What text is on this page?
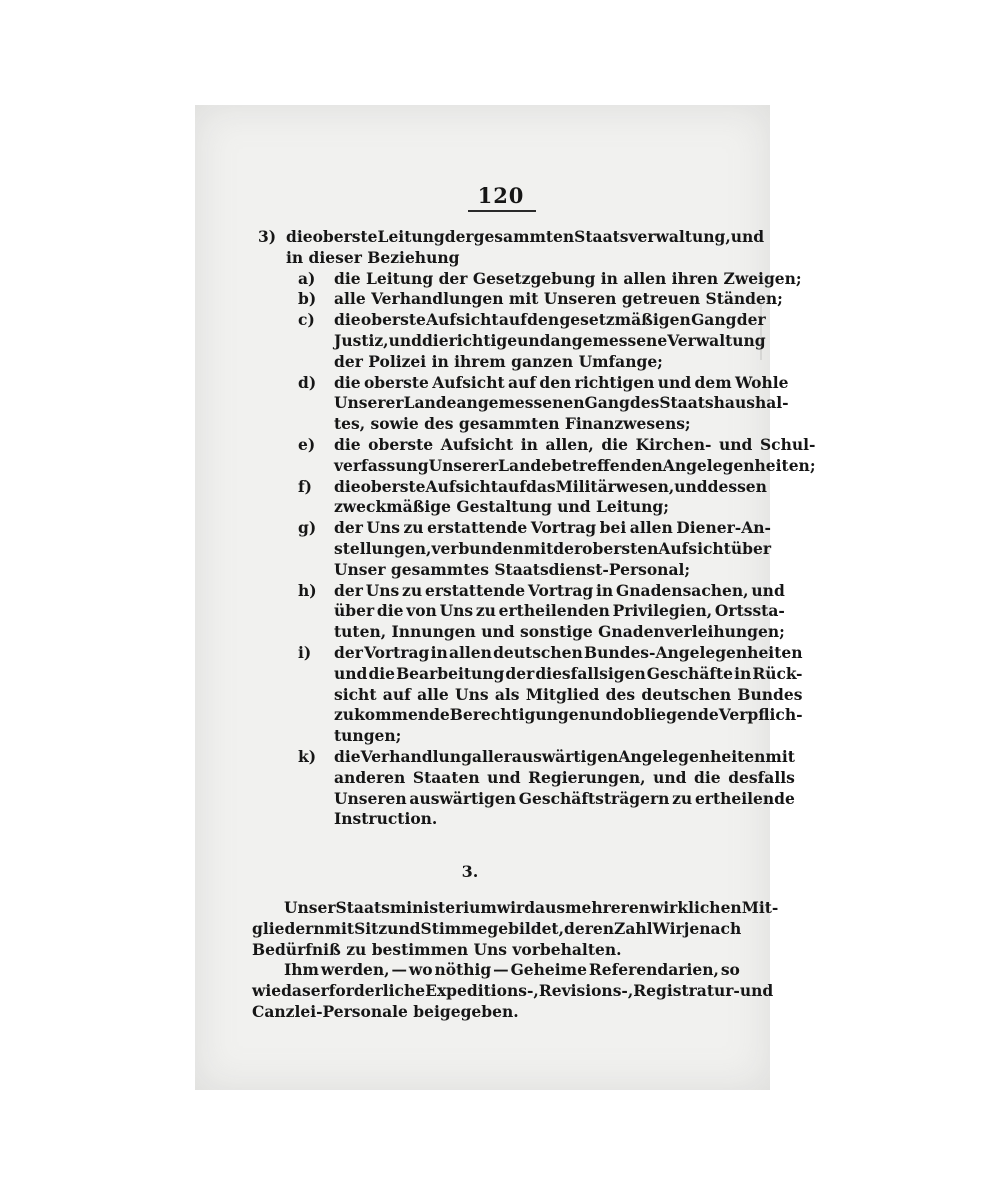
120
3) die oberste Leitung der gesammten Staatsverwaltung, und
in dieser Beziehung
a)	die Leitung der Gesetzgebung in allen ihren Zweigen;
b)	alle Verhandlungen mit Unseren getreuen Ständen;
c)	die oberste Aufsicht auf den gesetzmäßigen Gang der
Justiz, und die richtige und angemessene Verwaltung
der Polizei in ihrem ganzen Umfange;
d)	die oberste Aufsicht auf den richtigen und dem Wohle
Unserer Lande angemessenen Gang des Staatshaushal-
tes, sowie des gesammten Finanzwesens;
e)	die oberste Aufsicht in allen, die Kirchen- und Schul-
verfassung Unserer Lande betreffenden Angelegenheiten;
f)	die oberste Aufsicht auf das Militärwesen, und dessen
zweckmäßige Gestaltung und Leitung;
g)	der Uns zu erstattende Vortrag bei allen Diener-An-
stellungen, verbunden mit der obersten Aufsicht über
Unser gesammtes Staatsdienst-Personal;
h)	der Uns zu erstattende Vortrag in Gnadensachen, und
über die von Uns zu ertheilenden Privilegien, Ortssta-
tuten, Innungen und sonstige Gnadenverleihungen;
i)	der Vortrag in allen deutschen Bundes-Angelegenheiten
und die Bearbeitung der diesfallsigen Geschäfte in Rück-
sicht auf alle Uns als Mitglied des deutschen Bundes
zukommende Berechtigungen und obliegende Verpflich-
tungen;
k)	die Verhandlung aller auswärtigen Angelegenheiten mit
anderen Staaten und Regierungen, und die desfalls
Unseren auswärtigen Geschäftsträgern zu ertheilende
Instruction.
3.
Unser Staatsministerium wird aus mehreren wirklichen Mit-
gliedern mit Sitz und Stimme gebildet, deren Zahl Wir je nach
Bedürfniß zu bestimmen Uns vorbehalten.
Ihm werden, — wo nöthig — Geheime Referendarien, so
wie das erforderliche Expeditions-, Revisions-, Registratur- und
Canzlei-Personale beigegeben.
